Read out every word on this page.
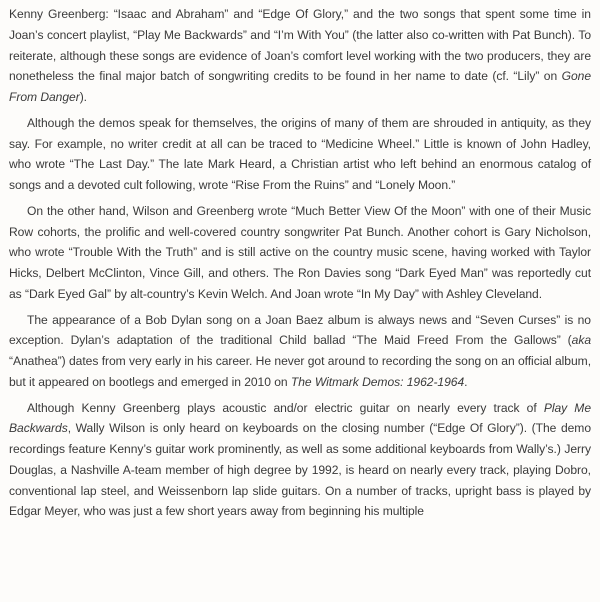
Kenny Greenberg: “Isaac and Abraham” and “Edge Of Glory,” and the two songs that spent some time in Joan’s concert playlist, “Play Me Backwards” and “I’m With You” (the latter also co-written with Pat Bunch). To reiterate, although these songs are evidence of Joan’s comfort level working with the two producers, they are nonetheless the final major batch of songwriting credits to be found in her name to date (cf. “Lily” on Gone From Danger).

Although the demos speak for themselves, the origins of many of them are shrouded in antiquity, as they say. For example, no writer credit at all can be traced to “Medicine Wheel.” Little is known of John Hadley, who wrote “The Last Day.” The late Mark Heard, a Christian artist who left behind an enormous catalog of songs and a devoted cult following, wrote “Rise From the Ruins” and “Lonely Moon.”

On the other hand, Wilson and Greenberg wrote “Much Better View Of the Moon” with one of their Music Row cohorts, the prolific and well-covered country songwriter Pat Bunch. Another cohort is Gary Nicholson, who wrote “Trouble With the Truth” and is still active on the country music scene, having worked with Taylor Hicks, Delbert McClinton, Vince Gill, and others. The Ron Davies song “Dark Eyed Man” was reportedly cut as “Dark Eyed Gal” by alt-country’s Kevin Welch. And Joan wrote “In My Day” with Ashley Cleveland.

The appearance of a Bob Dylan song on a Joan Baez album is always news and “Seven Curses” is no exception. Dylan’s adaptation of the traditional Child ballad “The Maid Freed From the Gallows” (aka “Anathea”) dates from very early in his career. He never got around to recording the song on an official album, but it appeared on bootlegs and emerged in 2010 on The Witmark Demos: 1962-1964.

Although Kenny Greenberg plays acoustic and/or electric guitar on nearly every track of Play Me Backwards, Wally Wilson is only heard on keyboards on the closing number (“Edge Of Glory”). (The demo recordings feature Kenny’s guitar work prominently, as well as some additional keyboards from Wally’s.) Jerry Douglas, a Nashville A-team member of high degree by 1992, is heard on nearly every track, playing Dobro, conventional lap steel, and Weissenborn lap slide guitars. On a number of tracks, upright bass is played by Edgar Meyer, who was just a few short years away from beginning his multiple
